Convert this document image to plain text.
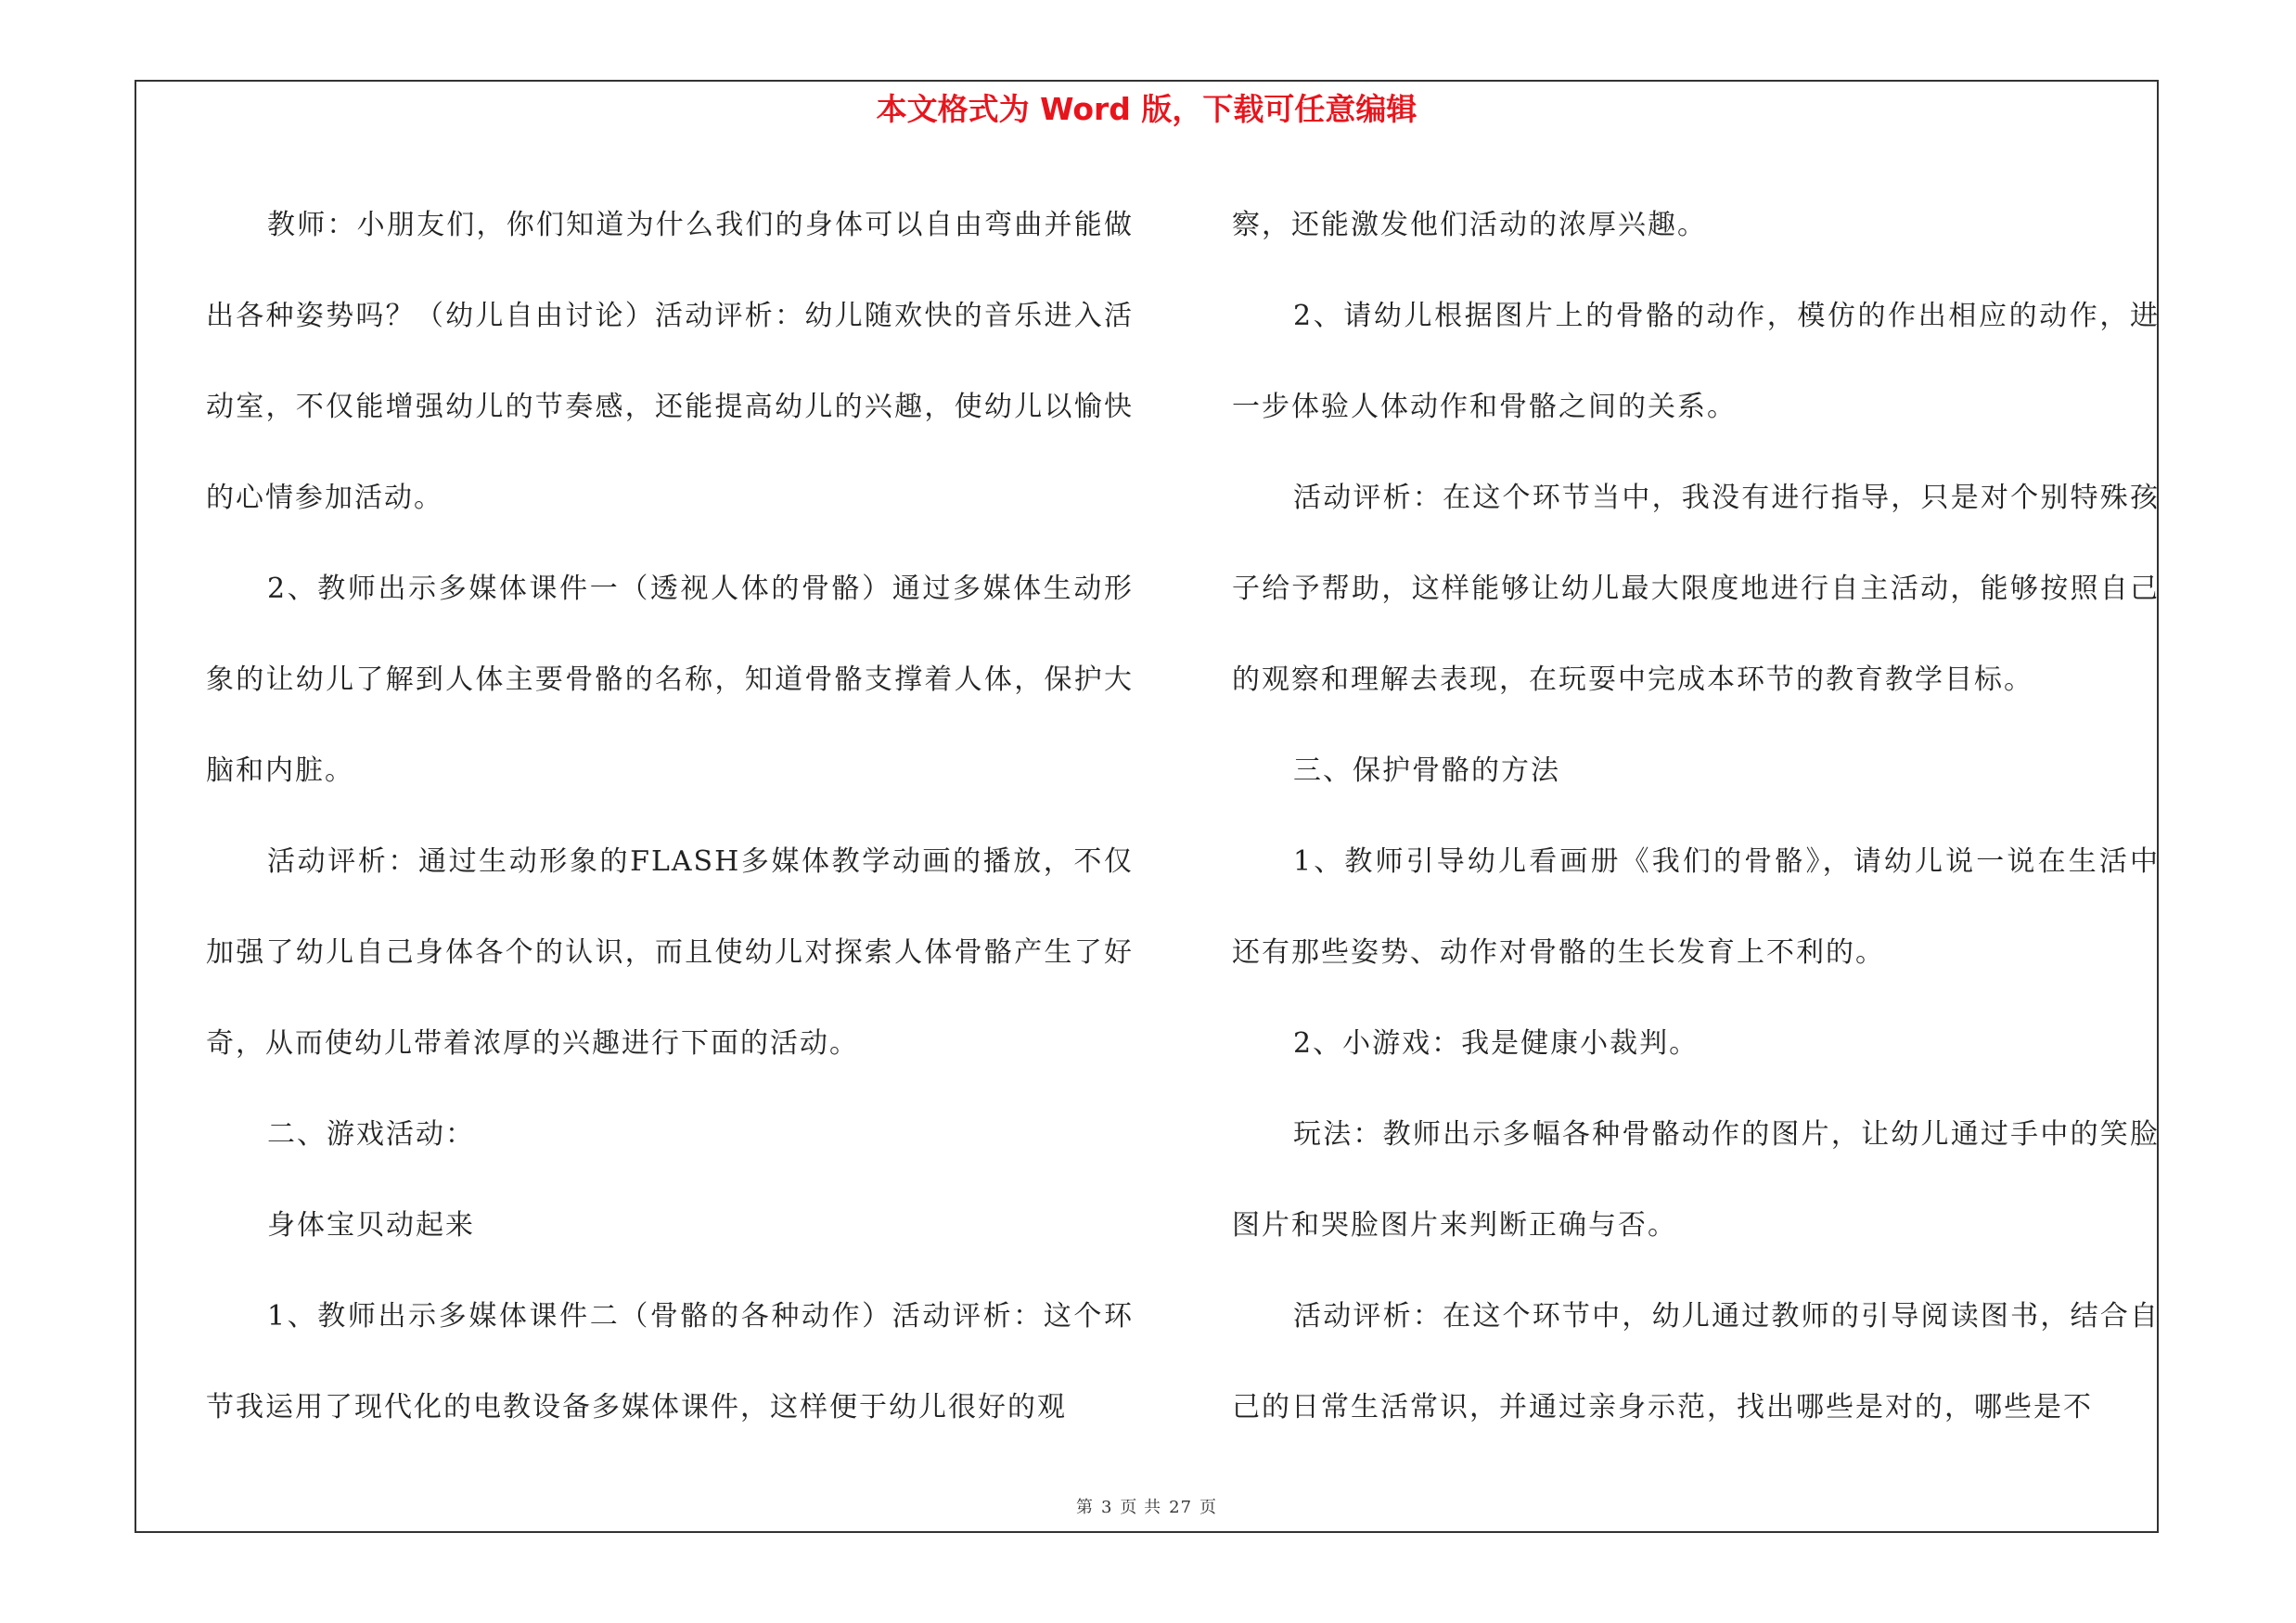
本文格式为 Word 版，下载可任意编辑

教师：小朋友们，你们知道为什么我们的身体可以自由弯曲并能做出各种姿势吗？（幼儿自由讨论）活动评析：幼儿随欢快的音乐进入活动室，不仅能增强幼儿的节奏感，还能提高幼儿的兴趣，使幼儿以愉快的心情参加活动。

2、教师出示多媒体课件一（透视人体的骨骼）通过多媒体生动形象的让幼儿了解到人体主要骨骼的名称，知道骨骼支撑着人体，保护大脑和内脏。

活动评析：通过生动形象的FLASH多媒体教学动画的播放，不仅加强了幼儿自己身体各个的认识，而且使幼儿对探索人体骨骼产生了好奇，从而使幼儿带着浓厚的兴趣进行下面的活动。

二、游戏活动：

身体宝贝动起来

1、教师出示多媒体课件二（骨骼的各种动作）活动评析：这个环节我运用了现代化的电教设备多媒体课件，这样便于幼儿很好的观

察，还能激发他们活动的浓厚兴趣。

2、请幼儿根据图片上的骨骼的动作，模仿的作出相应的动作，进一步体验人体动作和骨骼之间的关系。

活动评析：在这个环节当中，我没有进行指导，只是对个别特殊孩子给予帮助，这样能够让幼儿最大限度地进行自主活动，能够按照自己的观察和理解去表现，在玩耍中完成本环节的教育教学目标。

三、保护骨骼的方法

1、教师引导幼儿看画册《我们的骨骼》，请幼儿说一说在生活中还有那些姿势、动作对骨骼的生长发育上不利的。

2、小游戏：我是健康小裁判。

玩法：教师出示多幅各种骨骼动作的图片，让幼儿通过手中的笑脸图片和哭脸图片来判断正确与否。

活动评析：在这个环节中，幼儿通过教师的引导阅读图书，结合自己的日常生活常识，并通过亲身示范，找出哪些是对的，哪些是不

第 3 页 共 27 页
